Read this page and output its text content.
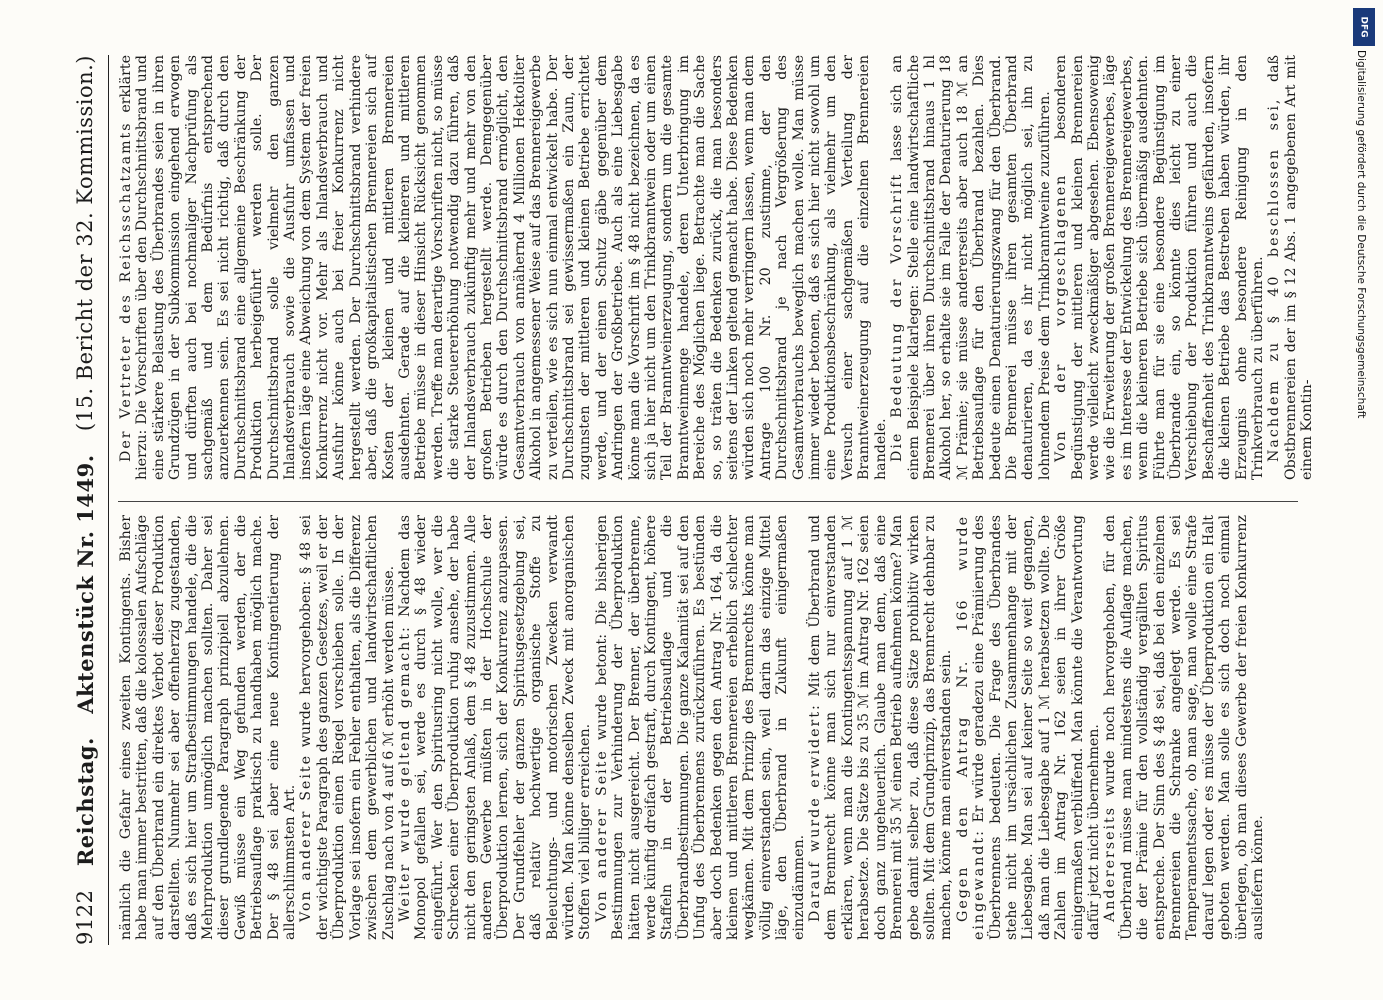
9122
Reichstag.
Aktenstück Nr. 1449.
(15. Bericht der 32. Kommission.)

nämlich die Gefahr eines zweiten Kontingents. Bisher habe man immer bestritten, daß die kolossalen Aufschläge auf den Überbrand ein direktes Verbot dieser Produktion darstellten. Nunmehr sei aber offenherzig zugestanden, daß es sich hier um Strafbestimmungen handele, die die Mehrproduktion unmöglich machen sollten. Daher sei dieser grundlegende Paragraph prinzipiell abzulehnen. Gewiß müsse ein Weg gefunden werden, der die Betriebsauflage praktisch zu handhaben möglich mache. Der § 48 sei aber eine neue Kontingentierung der allerschlimmsten Art. Von anderer Seite wurde hervorgehoben: § 48 sei der wichtigste Paragraph des ganzen Gesetzes, weil er der Überproduktion einen Riegel vorschieben solle. In der Vorlage sei insofern ein Fehler enthalten, als die Differenz zwischen dem gewerblichen und landwirtschaftlichen Zuschlag nach von 4 auf 6 ℳ erhöht werden müsse. Weiter wurde geltend gemacht: Nachdem das Monopol gefallen sei, werde es durch § 48 wieder eingeführt. Wer den Spiritusring nicht wolle, wer die Schrecken einer Überproduktion ruhig ansehe, der habe nicht den geringsten Anlaß, dem § 48 zuzustimmen. Alle anderen Gewerbe müßten in der Hochschule der Überproduktion lernen, sich der Konkurrenz anzupassen. Der Grundfehler der ganzen Spiritusgesetzgebung sei, daß relativ hochwertige organische Stoffe zu Beleuchtungs- und motorischen Zwecken verwandt würden. Man könne denselben Zweck mit anorganischen Stoffen viel billiger erreichen. Von anderer Seite wurde betont: Die bisherigen Bestimmungen zur Verhinderung der Überproduktion hätten nicht ausgereicht. Der Brenner, der überbrenne, werde künftig dreifach gestraft, durch Kontingent, höhere Staffeln in der Betriebsauflage und die Überbrandbestimmungen. Die ganze Kalamität sei auf den Unfug des Überbrennens zurückzuführen. Es bestünden aber doch Bedenken gegen den Antrag Nr. 164, da die kleinen und mittleren Brennereien erheblich schlechter wegkämen. Mit dem Prinzip des Brennrechts könne man völlig einverstanden sein, weil darin das einzige Mittel läge, den Überbrand in Zukunft einigermaßen einzudämmen. Darauf wurde erwidert: Mit dem Überbrand und dem Brennrecht könne man sich nur einverstanden erklären, wenn man die Kontingentsspannung auf 1 ℳ herabsetze. Die Sätze bis zu 35 ℳ im Antrag Nr. 162 seien doch ganz ungeheuerlich. Glaube man denn, daß eine Brennerei mit 35 ℳ einen Betrieb aufnehmen könne? Man gebe damit selber zu, daß diese Sätze prohibitiv wirken sollten. Mit dem Grundprinzip, das Brennrecht dehnbar zu machen, könne man einverstanden sein. Gegen den Antrag Nr. 166 wurde eingewandt: Er würde geradezu eine Prämiierung des Überbrennens bedeuten. Die Frage des Überbrandes stehe nicht im ursächlichen Zusammenhange mit der Liebesgabe. Man sei auf keiner Seite so weit gegangen, daß man die Liebesgabe auf 1 ℳ herabsetzen wollte. Die Zahlen im Antrag Nr. 162 seien in ihrer Größe einigermaßen verblüffend. Man könnte die Verantwortung dafür jetzt nicht übernehmen. Andererseits wurde noch hervorgehoben, für den Überbrand müsse man mindestens die Auflage machen, die der Prämie für den vollständig vergällten Spiritus entspreche. Der Sinn des § 48 sei, daß bei den einzelnen Brennereien die Schranke angelegt werde. Es sei Temperamentssache, ob man sage, man wolle eine Strafe darauf legen oder es müsse der Überproduktion ein Halt geboten werden. Man solle es sich doch noch einmal überlegen, ob man dieses Gewerbe der freien Konkurrenz ausliefern könne.

Der Vertreter des Reichsschatzamts erklärte hierzu: Die Vorschriften über den Durchschnittsbrand und eine stärkere Belastung des Überbrandes seien in ihren Grundzügen in der Subkommission eingehend erwogen und dürften auch bei nochmaliger Nachprüfung als sachgemäß und dem Bedürfnis entsprechend anzuerkennen sein. Es sei nicht richtig, daß durch den Durchschnittsbrand eine allgemeine Beschränkung der Produktion herbeigeführt werden solle. Der Durchschnittsbrand solle vielmehr den ganzen Inlandsverbrauch sowie die Ausfuhr umfassen und insofern läge eine Abweichung von dem System der freien Konkurrenz nicht vor. Mehr als Inlandsverbrauch und Ausfuhr könne auch bei freier Konkurrenz nicht hergestellt werden. Der Durchschnittsbrand verhindere aber, daß die großkapitalistischen Brennereien sich auf Kosten der kleinen und mittleren Brennereien ausdehnten. Gerade auf die kleineren und mittleren Betriebe müsse in dieser Hinsicht Rücksicht genommen werden. Treffe man derartige Vorschriften nicht, so müsse die starke Steuererhöhung notwendig dazu führen, daß der Inlandsverbrauch zukünftig mehr und mehr von den großen Betrieben hergestellt werde. Demgegenüber würde es durch den Durchschnittsbrand ermöglicht, den Gesamtverbrauch von annähernd 4 Millionen Hektoliter Alkohol in angemessener Weise auf das Brennereigewerbe zu verteilen, wie es sich nun einmal entwickelt habe. Der Durchschnittsbrand sei gewissermaßen ein Zaun, der zugunsten der mittleren und kleinen Betriebe errichtet werde, und der einen Schutz gäbe gegenüber dem Andringen der Großbetriebe. Auch als eine Liebesgabe könne man die Vorschrift im § 48 nicht bezeichnen, da es sich ja hier nicht um den Trinkbranntwein oder um einen Teil der Branntweinerzeugung, sondern um die gesamte Branntweinmenge handele, deren Unterbringung im Bereiche des Möglichen liege. Betrachte man die Sache so, so träten die Bedenken zurück, die man besonders seitens der Linken geltend gemacht habe. Diese Bedenken würden sich noch mehr verringern lassen, wenn man dem Antrage 100 Nr. 20 zustimme, der den Durchschnittsbrand je nach Vergrößerung des Gesamtverbrauchs beweglich machen wolle. Man müsse immer wieder betonen, daß es sich hier nicht sowohl um eine Produktionsbeschränkung, als vielmehr um den Versuch einer sachgemäßen Verteilung der Branntweinerzeugung auf die einzelnen Brennereien handele. Die Bedeutung der Vorschrift lasse sich an einem Beispiele klarlegen: Stelle eine landwirtschaftliche Brennerei über ihren Durchschnittsbrand hinaus 1 hl Alkohol her, so erhalte sie im Falle der Denaturierung 18 ℳ Prämie; sie müsse andererseits aber auch 18 ℳ an Betriebsauflage für den Überbrand bezahlen. Dies bedeute einen Denaturierungszwang für den Überbrand. Die Brennerei müsse ihren gesamten Überbrand denaturieren, da es ihr nicht möglich sei, ihn zu lohnendem Preise dem Trinkbranntweine zuzuführen. Von der vorgeschlagenen besonderen Begünstigung der mittleren und kleinen Brennereien werde vielleicht zweckmäßiger abgesehen. Ebensowenig wie die Erweiterung der großen Brennereigewerbes, läge es im Interesse der Entwickelung des Brennereigewerbes, wenn die kleineren Betriebe sich übermäßig ausdehnten. Führte man für sie eine besondere Begünstigung im Überbrande ein, so könnte dies leicht zu einer Verschiebung der Produktion führen und auch die Beschaffenheit des Trinkbranntweins gefährden, insofern die kleinen Betriebe das Bestreben haben würden, ihr Erzeugnis ohne besondere Reinigung in den Trinkverbrauch zu überführen. Nachdem zu § 40 beschlossen sei, daß Obstbrennereien der im § 12 Abs. 1 angegebenen Art mit einem Kontin-

DFG
Digitalisierung gefördert durch die Deutsche Forschungsgemeinschaft
